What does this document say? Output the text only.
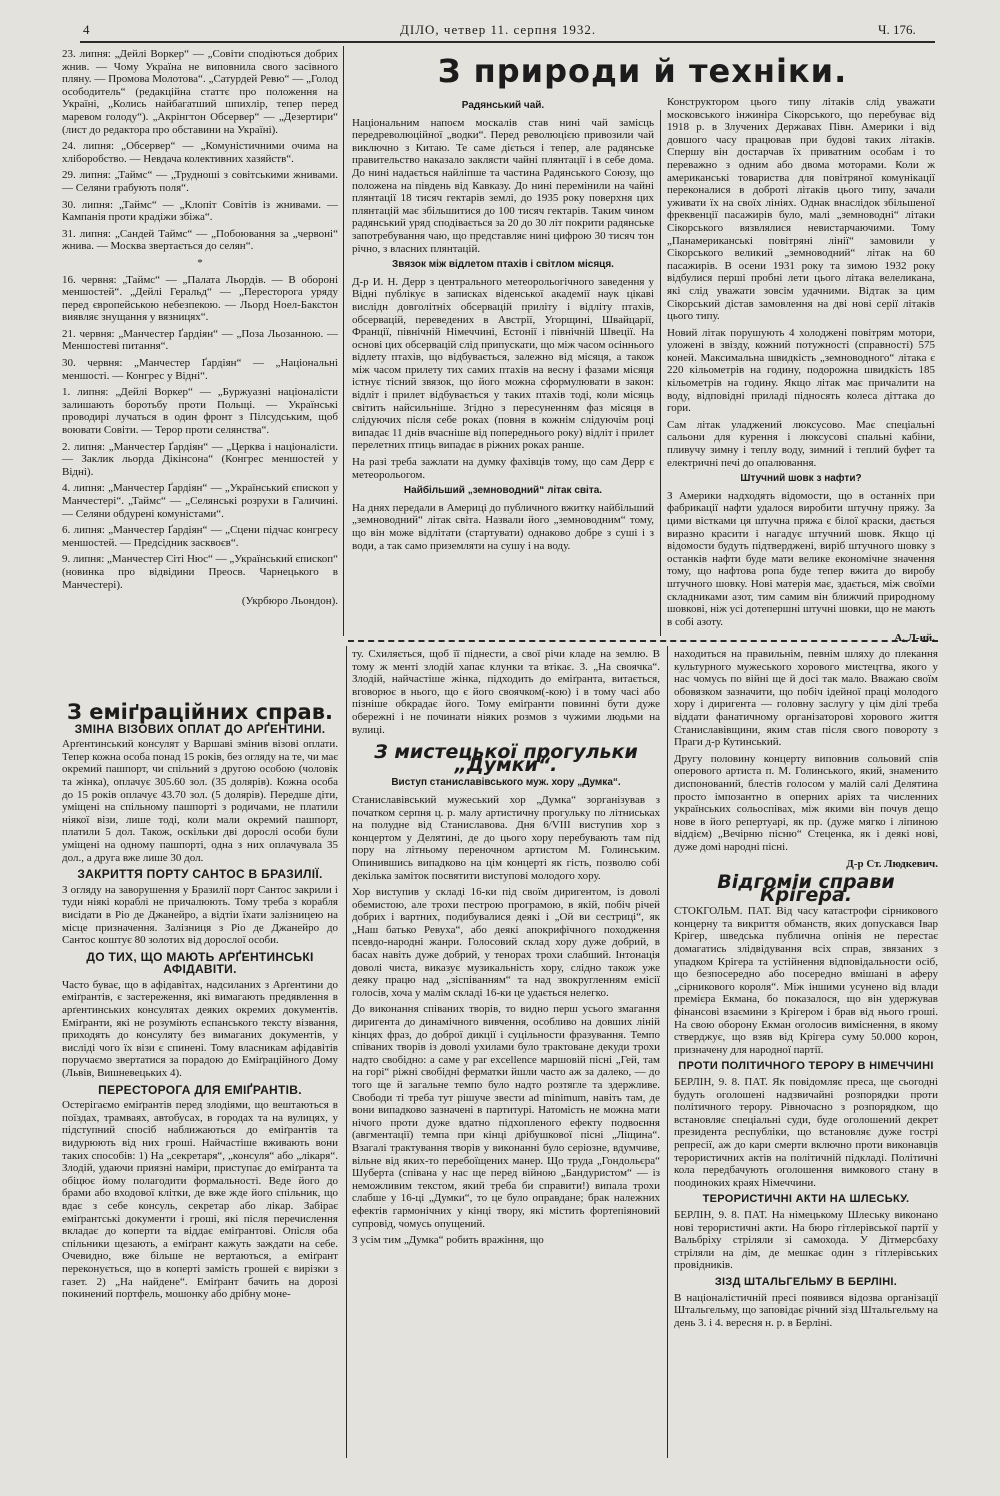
4	ДІЛО, четвер 11. серпня 1932.	Ч. 176.

23. липня: „Дейлі Воркер“ — „Совіти сподіються добрих жнив. — Чому Україна не виповнила свого засівного пляну. — Промова Молотова“. „Сатурдей Ревю“ — „Голод осободитель“ (редакційна статтє про положення на Україні, „Колись найбагатший шпихлір, тепер перед маревом голоду“). „Акрінгтон Обсервер“ — „Дезертири“ (лист до редактора про обставини на Україні).

24. липня: „Обсервер“ — „Комуністичними очима на хліборобство. — Невдача колективних хазяйств“.

29. липня: „Таймс“ — „Трудноші з совітськими жнивами. — Селяни грабують поля“.

30. липня: „Таймс“ — „Клопіт Совітів із жнивами. — Кампанія проти крадіжи збіжа“.

31. липня: „Сандей Таймс“ — „Побоювання за „червоні“ жнива. — Москва звертається до селян“.

*

16. червня: „Таймс“ — „Палата Льордів. — В обороні меншостей“. „Дейлі Геральд“ — „Пересторога уряду перед європейською небезпекою. — Льорд Ноел-Бакстон виявляє знущання у вязницях“.

21. червня: „Манчестер Ґардіян“ — „Поза Льозанною. — Меншостеві питання“.

30. червня: „Манчестер Ґардіян“ — „Національні меншості. — Конгрес у Відні“.

1. липня: „Дейлі Воркер“ — „Буржуазні націоналісти залишають боротьбу проти Польщі. — Українські проводирі лучаться в один фронт з Пілсудським, щоб воювати Совіти. — Терор проти селянства“.

2. липня: „Манчестер Ґардіян“ — „Церква і націоналісти. — Заклик льорда Дікінсона“ (Конгрес меншостей у Відні).

4. липня: „Манчестер Ґардіян“ — „Український єпископ у Манчестері“. „Таймс“ — „Селянські розрухи в Галичині. — Селяни обдурені комуністами“.

6. липня: „Манчестер Ґардіян“ — „Сцени підчас конгресу меншостей. — Предсідник засквоєв“.

9. липня: „Манчестер Сіті Нюс“ — „Український єпископ“ (новинка про відвідини Преосв. Чарнецького в Манчестері).

(Укрбюро Льондон).

З еміґраційних справ.
ЗМІНА ВІЗОВИХ ОПЛАТ ДО АРҐЕНТИНИ.

Арґентинський консулят у Варшаві змінив візові оплати. Тепер кожна особа понад 15 років, без огляду на те, чи має окремий пашпорт, чи спільний з другою особою (чоловік та жінка), оплачує 305.60 зол. (35 долярів). Кожна особа до 15 років оплачує 43.70 зол. (5 долярів). Передше діти, уміщені на спільному пашпорті з родичами, не платили ніякої візи, лише тоді, коли мали окремий пашпорт, платили 5 дол. Також, оскільки дві дорослі особи були уміщені на одному пашпорті, одна з них оплачувала 35 дол., а друга вже лише 30 дол.

ЗАКРИТТЯ ПОРТУ САНТОС В БРАЗИЛІЇ.

З огляду на заворушення у Бразилії порт Сантос закрили і туди ніякі кораблі не причалюють. Тому треба з корабля висідати в Ріо де Джанейро, а відтіи їхати залізницею на місце призначення. Залізниця з Ріо де Джанейро до Сантос коштує 80 золотих від дорослої особи.

ДО ТИХ, ЩО МАЮТЬ АРҐЕНТИНСЬКІ АФІДАВІТИ.

Часто буває, що в афідавітах, надсиланих з Арґентини до еміґрантів, є застереження, які вимагають предявлення в арґентинських консулятах деяких окремих документів. Еміґранти, які не розуміють еспанського тексту візвання, приходять до консуляту без вимаганих документів, у висліді чого їх візи є спинені. Тому власникам афідавітів поручаємо звертатися за порадою до Еміґраційного Дому (Львів, Вишневецьких 4).

ПЕРЕСТОРОГА ДЛЯ ЕМІҐРАНТІВ.

Остерігаємо еміґрантів перед злодіями, що вештаються в поїздах, трамваях, автобусах, в городах та на вулицях, у підступний спосіб наближаються до еміґрантів та видурюють від них гроші. Найчастіше вживають вони таких способів: 1) На „секретаря“, „консуля“ або „лікаря“. Злодій, удаючи приязні наміри, приступає до еміґранта та обіцює йому полагодити формальності. Веде його до брами або входової клітки, де вже жде його спільник, що вдає з себе консуль, секретар або лікар. Забірає еміґрантські документи і гроші, які після перечислення вкладає до коперти та віддає еміґрантові. Опісля оба спільники щезають, а еміґрант кажуть заждати на себе. Очевидно, вже більше не вертаються, а еміґрант переконується, що в коперті замість грошей є вирізки з газет. 2) „На найдене“. Еміґрант бачить на дорозі покинений портфель, мошонку або дрібну моне-

З природи й техніки.
Радянський чай.

Національним напоєм москалів став нині чай замісць передреволюційної „водки“. Перед революцією привозили чай виключно з Китаю. Те саме діється і тепер, але радянське правительство наказало заклясти чайні плянтації і в себе дома. До нині надається найліпше та частина Радянського Союзу, що положена на південь від Кавказу. До нині перемінили на чайні плянтації 18 тисяч гектарів землі, до 1935 року поверхня цих плянтацій має збільшитися до 100 тисяч гектарів. Таким чином радянський уряд сподівається за 20 до 30 літ покрити радянське запотребування чаю, що представляє нині цифрою 30 тисяч тон річно, з власних плянтацій.

Звязок між відлетом птахів і світлом місяця.

Д-р И. Н. Дерр з центрального метеорольогічного заведення у Відні публікує в записках віденської академії наук цікаві вислідн довголітніх обсервацій приліту і відліту птахів, обсервацій, переведених в Австрії, Угорщині, Швайцарії, Франції, північній Німеччині, Естонії і північній Швеції. На основі цих обсервацій слід припускати, що між часом осіннього відлету птахів, що відбувається, залежно від місяця, а також між часом прилету тих самих птахів на весну і фазами місяця істнує тісний звязок, що його можна сформулювати в закон: відліт і прилет відбувається у таких птахів тоді, коли місяць світить найсильніше. Згідно з пересуненням фаз місяця в слідуючих після себе роках (повня в кожнім слідуючім році випадає 11 днів вчасніше від попереднього року) відліт і прилет перелетних птиць випадає в ріжних роках ранше.

На разі треба зажлати на думку фахівців тому, що сам Дерр є метеорольогом.

Найбільший „земноводний“ літак світа.

На днях передали в Америці до публичного вжитку найбільший „земноводний“ літак світа. Назвали його „земноводним“ тому, що він може відлітати (стартувати) однаково добре з суші і з води, а так само приземляти на сушу і на воду.

Конструктором цього типу літаків слід уважати московського інжиніра Сікорського, що перебуває від 1918 р. в Злучених Державах Півн. Америки і від довшого часу працював при будові таких літаків. Спершу він достарчав їх приватним особам і то переважно з одним або двома моторами. Коли ж американські товариства для повітряної комунікації переконалися в доброті літаків цього типу, зачали уживати їх на своїх лініях. Однак внаслідок збільшеної фреквенції пасажирів було, малі „земноводні“ літаки Сікорського вязвлялися невистарчаючими. Тому „Панамериканські повітряні лінії“ замовили у Сікорського великий „земноводний“ літак на 60 пасажирів. В осени 1931 року та зимою 1932 року відбулися перші пробні лети цього літака велеликана, які слід уважати зовсім удачними. Відтак за цим Сікорський дістав замовлення на дві нові серії літаків цього типу.

Новий літак порушують 4 холоджені повітрям мотори, уложені в звізду, кожний потужності (справності) 575 коней. Максимальна швидкість „земноводного“ літака є 220 кільометрів на годину, подорожна швидкість 185 кільометрів на годину. Якщо літак має причалити на воду, відповідні приладі підносять колеса діттака до гори.

Сам літак уладжений люксусово. Має спеціальні сальони для курення і люксусові спальні кабіни, пливучу зимну і теплу воду, зимний і теплий буфет та електричні печі до опалювання.

Штучний шовк з нафти?

З Америки надходять відомости, що в останніх при фабрикації нафти удалося виробити штучну пряжу. За цими вістками ця штучна пряжа є білої краски, дається виразно красити і нагадує штучний шовк. Якщо ці відомости будуть підтверджені, виріб штучного шовку з останків нафти буде мати велике економічне значення тому, що нафтова ропа буде тепер вжита до виробу штучного шовку. Нові матерія має, здається, між своїми складниками азот, тим самим він ближчий природному шовкові, ніж усі дотепершні штучні шовки, що не мають в собі азоту.

А. Л-ий.

ту. Схиляється, щоб її піднести, а свої річи кладе на землю. В тому ж менті злодій хапає клунки та втікає. 3. „На своячка“. Злодій, найчастіше жінка, підходить до еміґранта, витається, вговорює в нього, що є його своячком(-кою) і в тому часі або пізніше обкрадає його. Тому еміґранти повинні бути дуже обережні і не починати ніяких розмов з чужими людьми на вулиці.

З мистецької прогульки „Думки“.
Виступ станиславівського муж. хору „Думка“.

Станиславівський мужеський хор „Думка“ зорганізував з початком серпня ц. р. малу артистичну прогульку по літниськах на полудне від Станиславова. Дня 6/VIII виступив хор з концертом у Делятині, де до цього хору перебувають там під пору на літньому переночном артистом М. Голинським. Опинившись випадково на цім концерті як гість, позволю собі декілька заміток посвятити виступові молодого хору.

Хор виступив у складі 16-ки під своїм диригентом, із доволі обемистою, але трохи пестрою програмою, в якій, побіч річей добрих і вартних, подибувалися деякі і „Ой ви сестриці“, як „Наш батько Ревуха“, або деякі апокрифічного походження псевдо-народні жанри. Голосовий склад хору дуже добрий, в басах навіть дуже добрий, у тенорах трохи слабший. Інтонація доволі чиста, виказує музикальність хору, слідно також уже деяку працю над „зіспіванням“ та над звокругленням емісії голосів, хоча у малім складі 16-ки це удається нелегко.

До виконання співаних творів, то видно перш усього змагання диригента до динамічного вивчення, особливо на довших ліній кінцях фраз, до доброї дикції і суцільности фразування. Темпо співаних творів із доволі ухилами було трактоване декуди трохи надто свобідно: а саме у par excellence маршовій пісні „Гей, там на горі“ ріжні свобідні ферматки йшли часто аж за далеко, — до того ще й загальне темпо було надто розтягле та здержливе. Свободи ті треба тут рішуче звести ad minimum, навіть там, де вони випадково зазначені в партитурі. Натомість не можна мати нічого проти дуже вдатно підхопленого ефекту подвоєння (авгментації) темпа при кінці дрібушкової пісні „Ліщина“. Взагалі трактування творів у виконанні було серіозне, вдумчиве, вільне від яких-то перебоїщених манер. Що труда „Гондольєра“ Шуберта (співана у нас ще перед війною „Бандуристом“ — із неможливим текстом, який треба би справити!) випала трохи слабше у 16-ці „Думки“, то це було оправдане; брак належних ефектів гармонічних у кінці твору, які містить фортепіяновий супровід, чомусь опущений.

З усім тим „Думка“ робить вражіння, що

находиться на правильнім, певнім шляху до плекання культурного мужеського хорового мистецтва, якого у нас чомусь по війні ще й досі так мало. Вважаю своїм обовязком зазначити, що побіч ідейної праці молодого хору і диригента — головну заслугу у цім ділі треба віддати фанатичному організаторові хорового життя Станиславівщини, яким став після свого повороту з Праги д-р Кутинський.

Другу половину концерту виповнив сольовий спів оперового артиста п. М. Голинського, який, знаменито диспонований, блестів голосом у малій салі Делятина просто імпозантно в оперних аріях та численних українських сольоспівах, між якими він почув дещо нове в його репертуарі, як пр. (дуже мягко і ліпиною віддієм) „Вечірню пісню“ Стеценка, як і деякі нові, дуже домі народні пісні.

Д-р Ст. Людкевич.

Відгоміи справи Крігера.

СТОКГОЛЬМ. ПАТ. Від часу катастрофи сірникового концерну та викриття обманств, яких допускався Івар Крігер, шведська публична опінія не перестає домагатись злідвідування всіх справ, звязаних з упадком Крігера та устійнення відповідальности осіб, що безпосередно або посередно вмішані в аферу „сірникового короля“. Між іншими усунено від влади премієра Екмана, бо показалося, що він удержував фінансові взаємини з Крігером і брав від нього гроші. На свою оборону Екман оголосив виміснення, в якому стверджує, що взяв від Крігера суму 50.000 корон, призначену для народної партії.

ПРОТИ ПОЛІТИЧНОГО ТЕРОРУ В НІМЕЧЧИНІ

БЕРЛІН, 9. 8. ПАТ. Як повідомляє преса, ще сьогодні будуть оголошені надзвичайні розпорядки проти політичного терору. Рівночасно з розпорядком, що встановляє спеціальні суди, буде оголошений декрет президента республіки, що встановляє дуже гострі репресії, аж до кари смерти включно проти виконавців терористичних актів на політичній підкладі. Політичні кола передбачують оголошення вимкового стану в поодиноких краях Німеччини.

ТЕРОРИСТИЧНІ АКТИ НА ШЛЕСЬКУ.

БЕРЛІН, 9. 8. ПАТ. На німецькому Шлеську виконано нові терористичні акти. На бюро гітлерівської партії у Вальбріху стріляли зі самохода. У Дітмерсбаху стріляли на дім, де мешкає один з гітлерівських провідників.

ЗІЗД ШТАЛЬГЕЛЬМУ В БЕРЛІНІ.

В націоналістичній пресі появився відозва організації Штальгельму, що заповідає річний зізд Штальгельму на день 3. і 4. вересня н. р. в Берліні.
